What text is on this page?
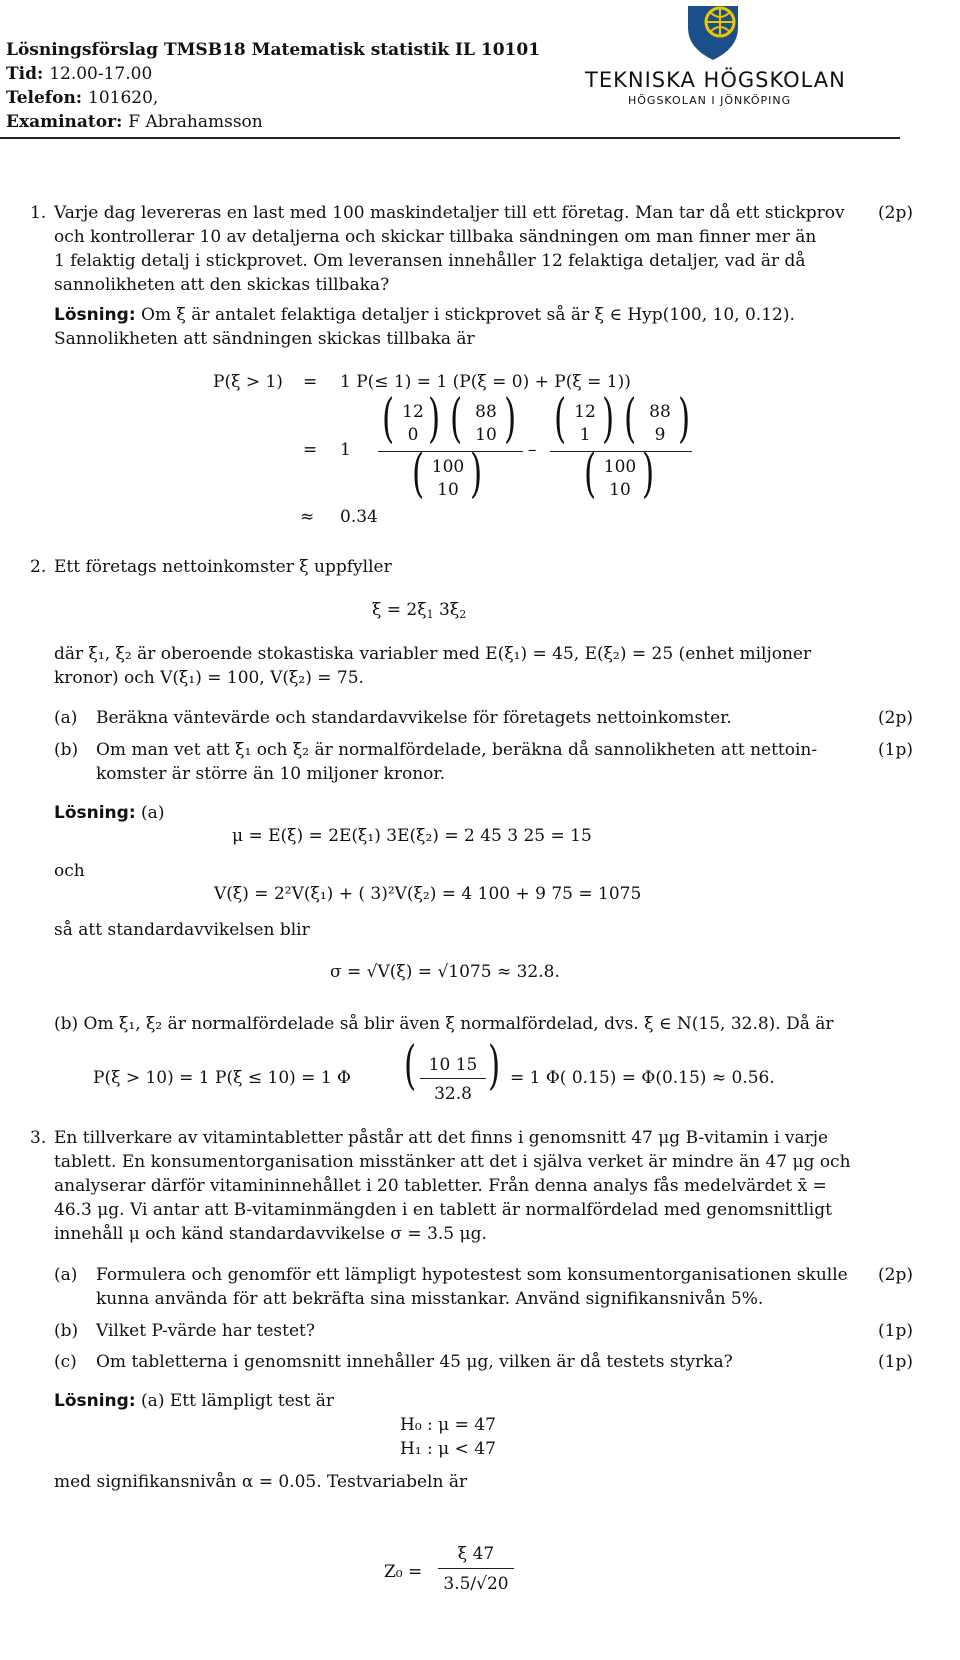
Lösningsförslag TMSB18 Matematisk statistik IL 10101
Tid: 12.00-17.00
Telefon: 101620,
Examinator: F Abrahamsson
TEKNISKA HÖGSKOLAN
HÖGSKOLAN I JÖNKÖPING
1.	(2p)
Varje dag levereras en last med 100 maskindetaljer till ett företag. Man tar då ett stickprov
och kontrollerar 10 av detaljerna och skickar tillbaka sändningen om man finner mer än
1 felaktig detalj i stickprovet. Om leveransen innehåller 12 felaktiga detaljer, vad är då
sannolikheten att den skickas tillbaka?
Lösning: Om ξ är antalet felaktiga detaljer i stickprovet så är ξ ∈ Hyp(100, 10, 0.12).
Sannolikheten att sändningen skickas tillbaka är
P(ξ > 1) = 1 P(≤ 1) = 1 (P(ξ = 0) + P(ξ = 1))
= 1
( 12
0 ) ( 88
10 )
( 100
10 )	–
( 12
1 ) ( 88
9 )
( 100
10 )
≈ 0.34
2. Ett företags nettoinkomster ξ uppfyller
$\xi = 2\xi_1$ $3\xi_2$
där ξ₁, ξ₂ är oberoende stokastiska variabler med E(ξ₁) = 45, E(ξ₂) = 25 (enhet miljoner
kronor) och V(ξ₁) = 100, V(ξ₂) = 75.
(a) Beräkna väntevärde och standardavvikelse för företagets nettoinkomster.	(2p)
(b) Om man vet att ξ₁ och ξ₂ är normalfördelade, beräkna då sannolikheten att nettoin-
komster är större än 10 miljoner kronor.
(1p)
Lösning: (a)
μ = E(ξ) = 2E(ξ₁) 3E(ξ₂) = 2 45 3 25 = 15
och
V(ξ) = 2²V(ξ₁) + ( 3)²V(ξ₂) = 4 100 + 9 75 = 1075
så att standardavvikelsen blir
σ = √V(ξ) = √1075 ≈ 32.8.
(b) Om ξ₁, ξ₂ är normalfördelade så blir även ξ normalfördelad, dvs. ξ ∈ N(15, 32.8). Då är
P(ξ > 10) = 1 P(ξ ≤ 10) = 1 Φ ( 10 15
32.8 ) = 1 Φ( 0.15) = Φ(0.15) ≈ 0.56.
3. En tillverkare av vitamintabletter påstår att det finns i genomsnitt 47 μg B-vitamin i varje
tablett. En konsumentorganisation misstänker att det i själva verket är mindre än 47 μg och
analyserar därför vitamininnehållet i 20 tabletter. Från denna analys fås medelvärdet x̄ =
46.3 μg. Vi antar att B-vitaminmängden i en tablett är normalfördelad med genomsnittligt
innehåll μ och känd standardavvikelse σ = 3.5 μg.
(a) Formulera och genomför ett lämpligt hypotestest som konsumentorganisationen skulle
kunna använda för att bekräfta sina misstankar. Använd signifikansnivån 5%.
(2p)
(b) Vilket P-värde har testet?	(1p)
(c) Om tabletterna i genomsnitt innehåller 45 μg, vilken är då testets styrka?	(1p)
Lösning: (a) Ett lämpligt test är
H₀ : μ = 47
H₁ : μ < 47
med signifikansnivån α = 0.05. Testvariabeln är
Z₀ =
ξ 47
3.5/√20
